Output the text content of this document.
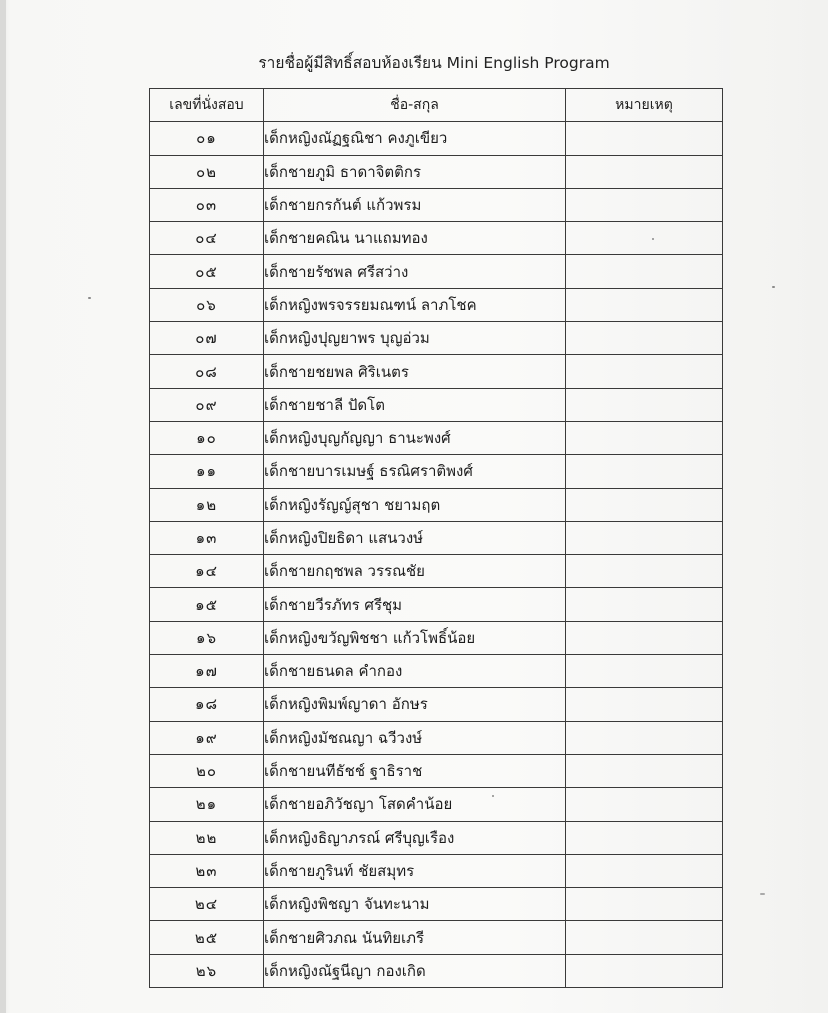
รายชื่อผู้มีสิทธิ์สอบห้องเรียน Mini English Program
เลขที่นั่งสอบ	ชื่อ-สกุล	หมายเหตุ
๐๑	เด็กหญิงณัฏฐณิชา คงภูเขียว	
๐๒	เด็กชายภูมิ ธาดาจิตติกร	
๐๓	เด็กชายกรกันต์ แก้วพรม	
๐๔	เด็กชายคณิน นาแถมทอง	
๐๕	เด็กชายรัชพล ศรีสว่าง	
๐๖	เด็กหญิงพรจรรยมณฑน์ ลาภโชค	
๐๗	เด็กหญิงปุญยาพร บุญอ่วม	
๐๘	เด็กชายชยพล ศิริเนตร	
๐๙	เด็กชายชาลี ปัดโต	
๑๐	เด็กหญิงบุญกัญญา ธานะพงศ์	
๑๑	เด็กชายบารเมษฐ์ ธรณิศราติพงศ์	
๑๒	เด็กหญิงรัญญ์สุชา ชยามฤต	
๑๓	เด็กหญิงปิยธิดา แสนวงษ์	
๑๔	เด็กชายกฤชพล วรรณชัย	
๑๕	เด็กชายวีรภัทร ศรีชุม	
๑๖	เด็กหญิงขวัญพิชชา แก้วโพธิ์น้อย	
๑๗	เด็กชายธนดล คำกอง	
๑๘	เด็กหญิงพิมพ์ญาดา อักษร	
๑๙	เด็กหญิงมัชณญา ฉวีวงษ์	
๒๐	เด็กชายนทีธัชช์ ฐาธิราช	
๒๑	เด็กชายอภิวัชญา โสดคำน้อย	
๒๒	เด็กหญิงธิญาภรณ์ ศรีบุญเรือง	
๒๓	เด็กชายภูรินท์ ชัยสมุทร	
๒๔	เด็กหญิงพิชญา จันทะนาม	
๒๕	เด็กชายศิวภณ นันทิยเภรี	
๒๖	เด็กหญิงณัฐนีญา กองเกิด	
